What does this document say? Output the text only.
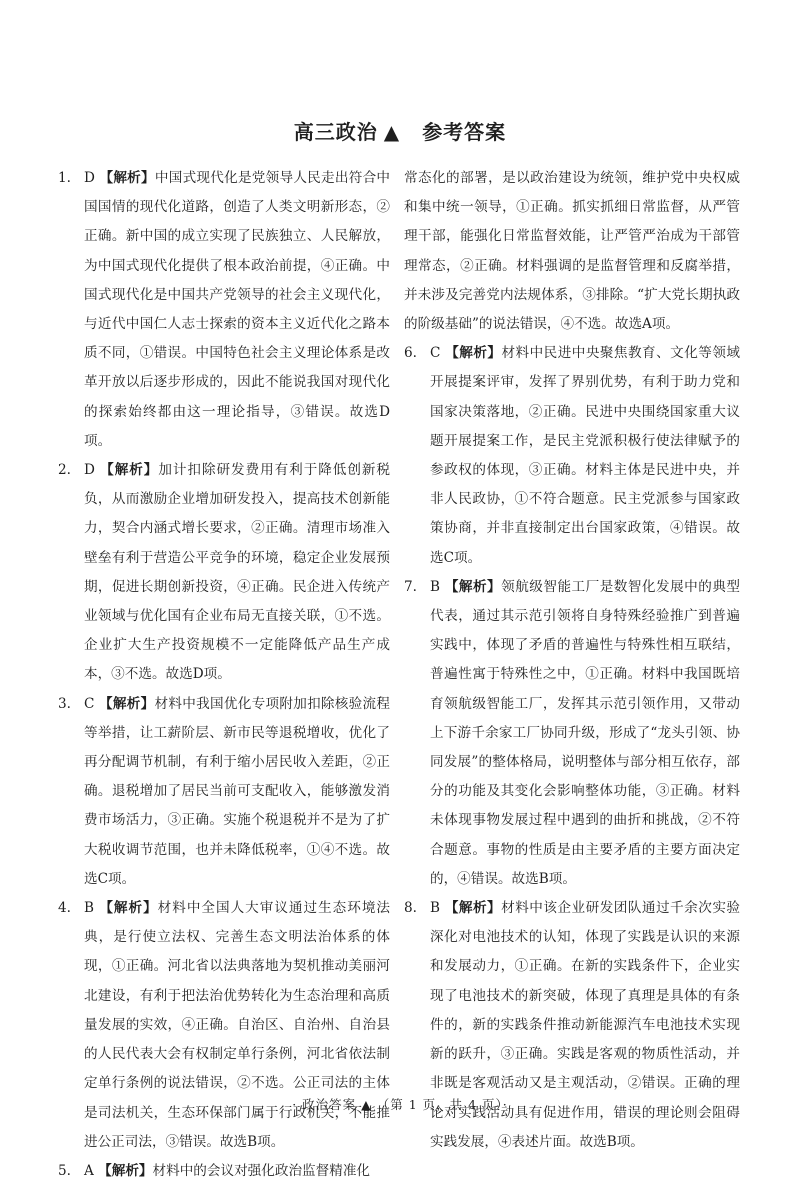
高三政治 ▲ 参考答案

1. D 【解析】中国式现代化是党领导人民走出符合中国国情的现代化道路，创造了人类文明新形态，②正确。新中国的成立实现了民族独立、人民解放，为中国式现代化提供了根本政治前提，④正确。中国式现代化是中国共产党领导的社会主义现代化，与近代中国仁人志士探索的资本主义近代化之路本质不同，①错误。中国特色社会主义理论体系是改革开放以后逐步形成的，因此不能说我国对现代化的探索始终都由这一理论指导，③错误。故选D项。

2. D 【解析】加计扣除研发费用有利于降低创新税负，从而激励企业增加研发投入，提高技术创新能力，契合内涵式增长要求，②正确。清理市场准入壁垒有利于营造公平竞争的环境，稳定企业发展预期，促进长期创新投资，④正确。民企进入传统产业领域与优化国有企业布局无直接关联，①不选。企业扩大生产投资规模不一定能降低产品生产成本，③不选。故选D项。

3. C 【解析】材料中我国优化专项附加扣除核验流程等举措，让工薪阶层、新市民等退税增收，优化了再分配调节机制，有利于缩小居民收入差距，②正确。退税增加了居民当前可支配收入，能够激发消费市场活力，③正确。实施个税退税并不是为了扩大税收调节范围，也并未降低税率，①④不选。故选C项。

4. B 【解析】材料中全国人大审议通过生态环境法典，是行使立法权、完善生态文明法治体系的体现，①正确。河北省以法典落地为契机推动美丽河北建设，有利于把法治优势转化为生态治理和高质量发展的实效，④正确。自治区、自治州、自治县的人民代表大会有权制定单行条例，河北省依法制定单行条例的说法错误，②不选。公正司法的主体是司法机关，生态环保部门属于行政机关，不能推进公正司法，③错误。故选B项。

5. A 【解析】材料中的会议对强化政治监督精准化

常态化的部署，是以政治建设为统领，维护党中央权威和集中统一领导，①正确。抓实抓细日常监督，从严管理干部，能强化日常监督效能，让严管严治成为干部管理常态，②正确。材料强调的是监督管理和反腐举措，并未涉及完善党内法规体系，③排除。“扩大党长期执政的阶级基础”的说法错误，④不选。故选A项。

6. C 【解析】材料中民进中央聚焦教育、文化等领域开展提案评审，发挥了界别优势，有利于助力党和国家决策落地，②正确。民进中央围绕国家重大议题开展提案工作，是民主党派积极行使法律赋予的参政权的体现，③正确。材料主体是民进中央，并非人民政协，①不符合题意。民主党派参与国家政策协商，并非直接制定出台国家政策，④错误。故选C项。

7. B 【解析】领航级智能工厂是数智化发展中的典型代表，通过其示范引领将自身特殊经验推广到普遍实践中，体现了矛盾的普遍性与特殊性相互联结，普遍性寓于特殊性之中，①正确。材料中我国既培育领航级智能工厂，发挥其示范引领作用，又带动上下游千余家工厂协同升级，形成了“龙头引领、协同发展”的整体格局，说明整体与部分相互依存，部分的功能及其变化会影响整体功能，③正确。材料未体现事物发展过程中遇到的曲折和挑战，②不符合题意。事物的性质是由主要矛盾的主要方面决定的，④错误。故选B项。

8. B 【解析】材料中该企业研发团队通过千余次实验深化对电池技术的认知，体现了实践是认识的来源和发展动力，①正确。在新的实践条件下，企业实现了电池技术的新突破，体现了真理是具体的有条件的，新的实践条件推动新能源汽车电池技术实现新的跃升，③正确。实践是客观的物质性活动，并非既是客观活动又是主观活动，②错误。正确的理论对实践活动具有促进作用，错误的理论则会阻碍实践发展，④表述片面。故选B项。

· 政治答案 ▲ （第 1 页，共 4 页）·
